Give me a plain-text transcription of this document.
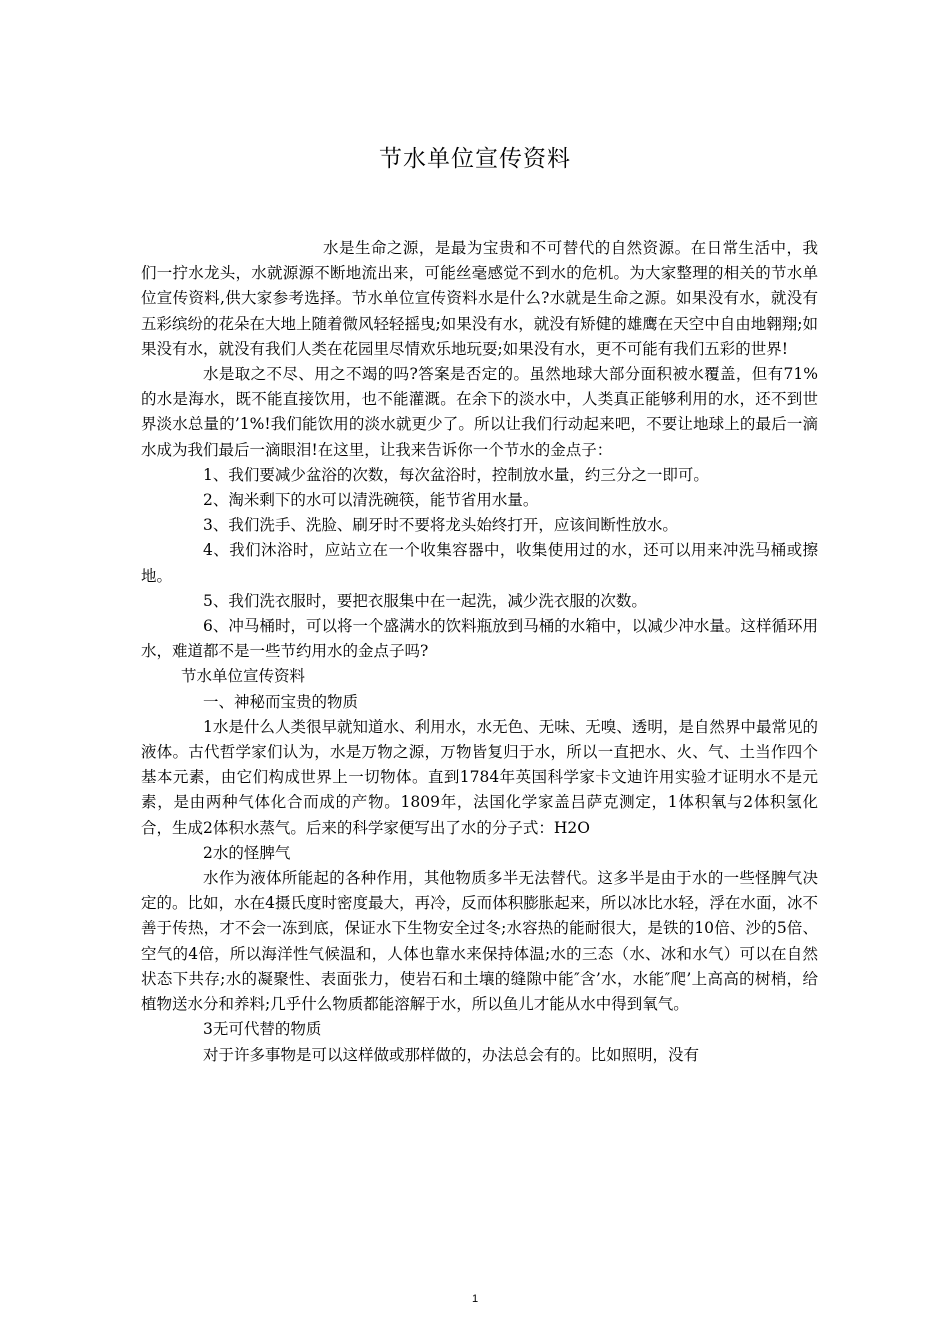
节水单位宣传资料

水是生命之源，是最为宝贵和不可替代的自然资源。在日常生活中，我们一拧水龙头，水就源源不断地流出来，可能丝毫感觉不到水的危机。为大家整理的相关的节水单位宣传资料,供大家参考选择。节水单位宣传资料水是什么?水就是生命之源。如果没有水，就没有五彩缤纷的花朵在大地上随着微风轻轻摇曳;如果没有水，就没有矫健的雄鹰在天空中自由地翱翔;如果没有水，就没有我们人类在花园里尽情欢乐地玩耍;如果没有水，更不可能有我们五彩的世界!

水是取之不尽、用之不竭的吗?答案是否定的。虽然地球大部分面积被水覆盖，但有71%的水是海水，既不能直接饮用，也不能灌溉。在余下的淡水中，人类真正能够利用的水，还不到世界淡水总量的’1%!我们能饮用的淡水就更少了。所以让我们行动起来吧，不要让地球上的最后一滴水成为我们最后一滴眼泪!在这里，让我来告诉你一个节水的金点子：

1、我们要减少盆浴的次数，每次盆浴时，控制放水量，约三分之一即可。

2、淘米剩下的水可以清洗碗筷，能节省用水量。

3、我们洗手、洗脸、刷牙时不要将龙头始终打开，应该间断性放水。

4、我们沐浴时，应站立在一个收集容器中，收集使用过的水，还可以用来冲洗马桶或擦地。

5、我们洗衣服时，要把衣服集中在一起洗，减少洗衣服的次数。

6、冲马桶时，可以将一个盛满水的饮料瓶放到马桶的水箱中，以减少冲水量。这样循环用水，难道都不是一些节约用水的金点子吗?

节水单位宣传资料

一、神秘而宝贵的物质

1水是什么人类很早就知道水、利用水，水无色、无味、无嗅、透明，是自然界中最常见的液体。古代哲学家们认为，水是万物之源，万物皆复归于水，所以一直把水、火、气、土当作四个基本元素，由它们构成世界上一切物体。直到1784年英国科学家卡文迪许用实验才证明水不是元素，是由两种气体化合而成的产物。1809年，法国化学家盖吕萨克测定，1体积氧与2体积氢化合，生成2体积水蒸气。后来的科学家便写出了水的分子式：H2O

2水的怪脾气

水作为液体所能起的各种作用，其他物质多半无法替代。这多半是由于水的一些怪脾气决定的。比如，水在4摄氏度时密度最大，再冷，反而体积膨胀起来，所以冰比水轻，浮在水面，冰不善于传热，才不会一冻到底，保证水下生物安全过冬;水容热的能耐很大，是铁的10倍、沙的5倍、空气的4倍，所以海洋性气候温和，人体也靠水来保持体温;水的三态（水、冰和水气）可以在自然状态下共存;水的凝聚性、表面张力，使岩石和土壤的缝隙中能″含’水，水能″爬’上高高的树梢，给植物送水分和养料;几乎什么物质都能溶解于水，所以鱼儿才能从水中得到氧气。

3无可代替的物质

对于许多事物是可以这样做或那样做的，办法总会有的。比如照明，没有

1
